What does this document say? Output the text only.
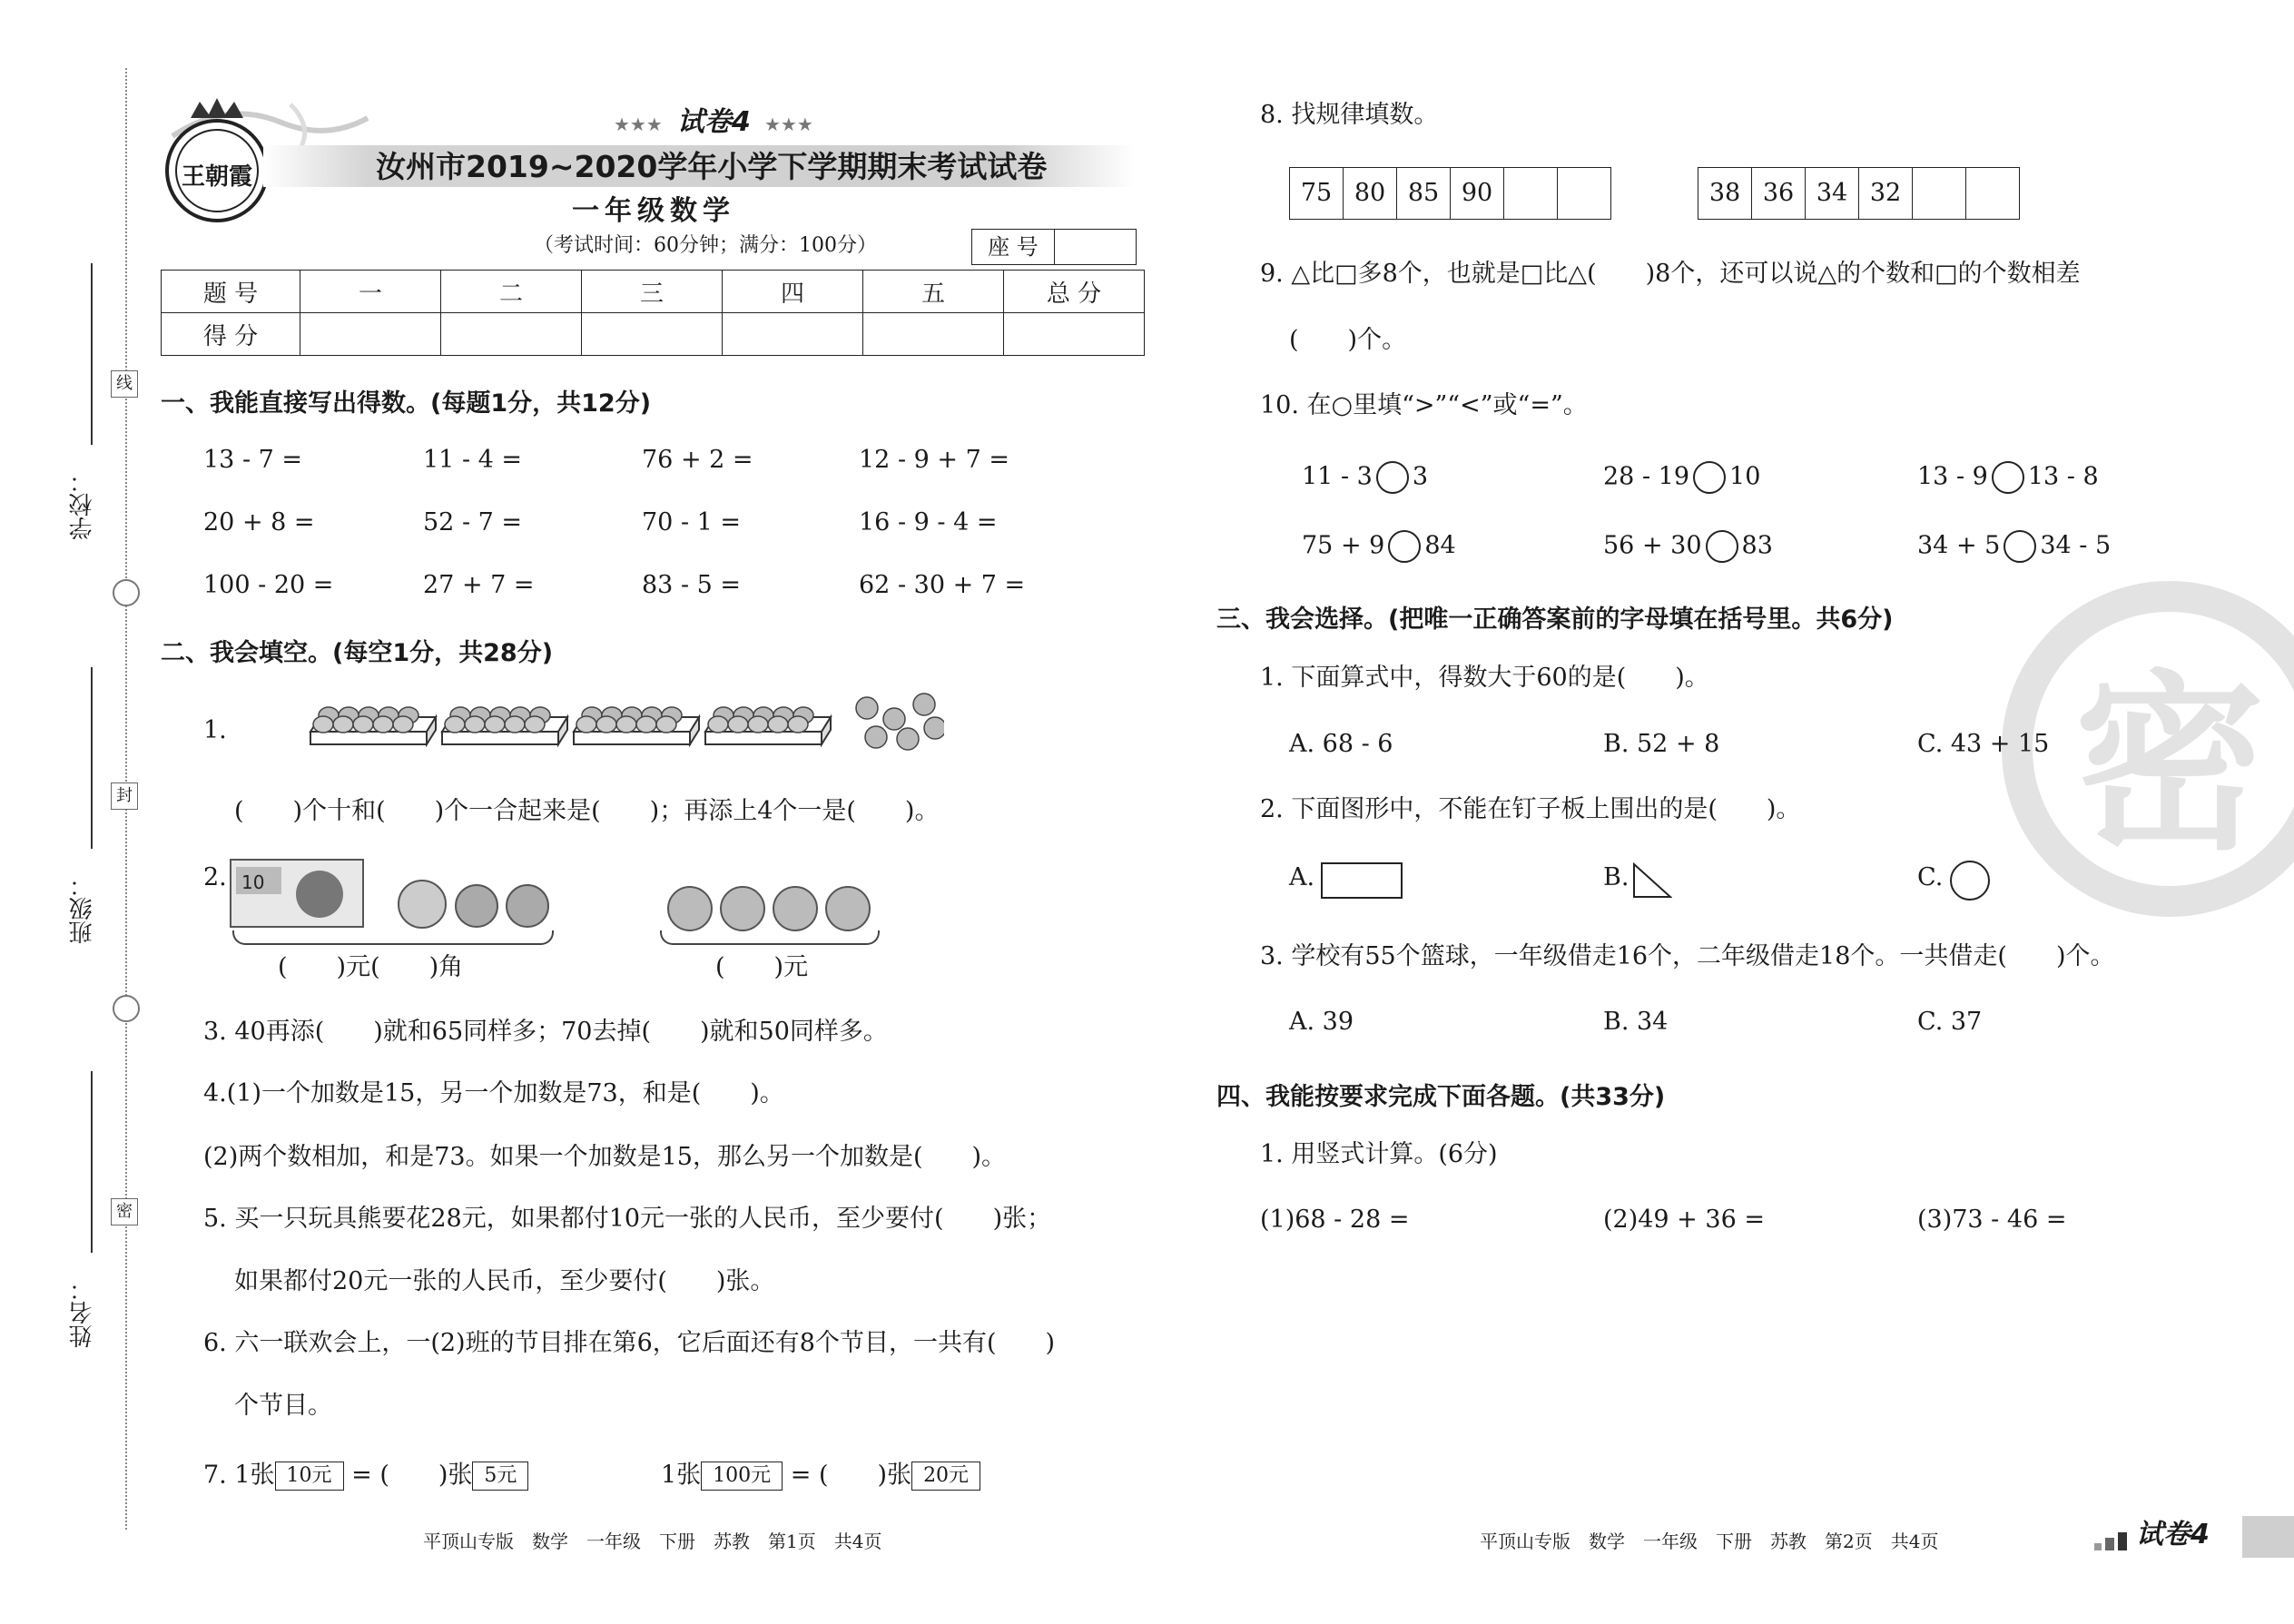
学校：
班级：
姓名：
线
封
密
王朝霞
★★★ 试卷4 ★★★
汝州市2019~2020学年小学下学期期末考试试卷
一年级数学
（考试时间：60分钟；满分：100分）	座 号
题 号	一	二	三	四	五	总 分
得 分						
一、我能直接写出得数。(每题1分，共12分)
13 - 7 =	11 - 4 =	76 + 2 =	12 - 9 + 7 =
20 + 8 =	52 - 7 =	70 - 1 =	16 - 9 - 4 =
100 - 20 =	27 + 7 =	83 - 5 =	62 - 30 + 7 =
二、我会填空。(每空1分，共28分)
1.
(　　)个十和(　　)个一合起来是(　　)；再添上4个一是(　　)。
2. 10
(　　)元(　　)角	(　　)元
3. 40再添(　　)就和65同样多；70去掉(　　)就和50同样多。
4.(1)一个加数是15，另一个加数是73，和是(　　)。
(2)两个数相加，和是73。如果一个加数是15，那么另一个加数是(　　)。
5. 买一只玩具熊要花28元，如果都付10元一张的人民币，至少要付(　　)张；
如果都付20元一张的人民币，至少要付(　　)张。
6. 六一联欢会上，一(2)班的节目排在第6，它后面还有8个节目，一共有(　　)
个节目。
7. 1张 10元 = (　　)张 5元	1张 100元 = (　　)张 20元
平顶山专版　数学　一年级　下册　苏教　第1页　共4页
密
8. 找规律填数。
75 80 85 90	38 36 34 32
9. △比□多8个，也就是□比△(　　)8个，还可以说△的个数和□的个数相差
(　　)个。
10. 在○里填“>”“<”或“=”。
11 - 3 3	28 - 19 10	13 - 9 13 - 8
75 + 9 84	56 + 30 83	34 + 5 34 - 5
三、我会选择。(把唯一正确答案前的字母填在括号里。共6分)
1. 下面算式中，得数大于60的是(　　)。
A. 68 - 6	B. 52 + 8	C. 43 + 15
2. 下面图形中，不能在钉子板上围出的是(　　)。
A.	B.	C.
3. 学校有55个篮球，一年级借走16个，二年级借走18个。一共借走(　　)个。
A. 39	B. 34	C. 37
四、我能按要求完成下面各题。(共33分)
1. 用竖式计算。(6分)
(1)68 - 28 =	(2)49 + 36 =	(3)73 - 46 =
平顶山专版　数学　一年级　下册　苏教　第2页　共4页	试卷4
